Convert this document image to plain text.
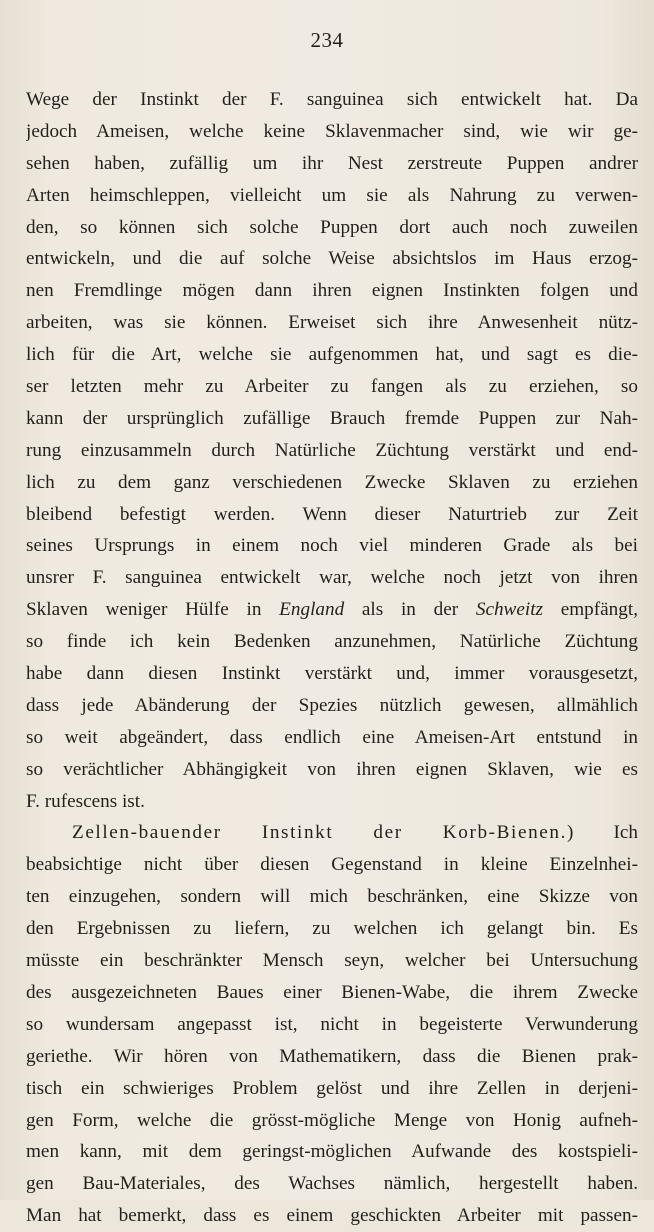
234
Wege der Instinkt der F. sanguinea sich entwickelt hat. Da
jedoch Ameisen, welche keine Sklavenmacher sind, wie wir ge-
sehen haben, zufällig um ihr Nest zerstreute Puppen andrer
Arten heimschleppen, vielleicht um sie als Nahrung zu verwen-
den, so können sich solche Puppen dort auch noch zuweilen
entwickeln, und die auf solche Weise absichtslos im Haus erzog-
nen Fremdlinge mögen dann ihren eignen Instinkten folgen und
arbeiten, was sie können. Erweiset sich ihre Anwesenheit nütz-
lich für die Art, welche sie aufgenommen hat, und sagt es die-
ser letzten mehr zu Arbeiter zu fangen als zu erziehen, so
kann der ursprünglich zufällige Brauch fremde Puppen zur Nah-
rung einzusammeln durch Natürliche Züchtung verstärkt und end-
lich zu dem ganz verschiedenen Zwecke Sklaven zu erziehen
bleibend befestigt werden. Wenn dieser Naturtrieb zur Zeit
seines Ursprungs in einem noch viel minderen Grade als bei
unsrer F. sanguinea entwickelt war, welche noch jetzt von ihren
Sklaven weniger Hülfe in England als in der Schweitz empfängt,
so finde ich kein Bedenken anzunehmen, Natürliche Züchtung
habe dann diesen Instinkt verstärkt und, immer vorausgesetzt,
dass jede Abänderung der Spezies nützlich gewesen, allmählich
so weit abgeändert, dass endlich eine Ameisen-Art entstund in
so verächtlicher Abhängigkeit von ihren eignen Sklaven, wie es
F. rufescens ist.
Zellen-bauender Instinkt der Korb-Bienen.) Ich
beabsichtige nicht über diesen Gegenstand in kleine Einzelnhei-
ten einzugehen, sondern will mich beschränken, eine Skizze von
den Ergebnissen zu liefern, zu welchen ich gelangt bin. Es
müsste ein beschränkter Mensch seyn, welcher bei Untersuchung
des ausgezeichneten Baues einer Bienen-Wabe, die ihrem Zwecke
so wundersam angepasst ist, nicht in begeisterte Verwunderung
geriethe. Wir hören von Mathematikern, dass die Bienen prak-
tisch ein schwieriges Problem gelöst und ihre Zellen in derjeni-
gen Form, welche die grösst-mögliche Menge von Honig aufneh-
men kann, mit dem geringst-möglichen Aufwande des kostspieli-
gen Bau-Materiales, des Wachses nämlich, hergestellt haben.
Man hat bemerkt, dass es einem geschickten Arbeiter mit passen-
